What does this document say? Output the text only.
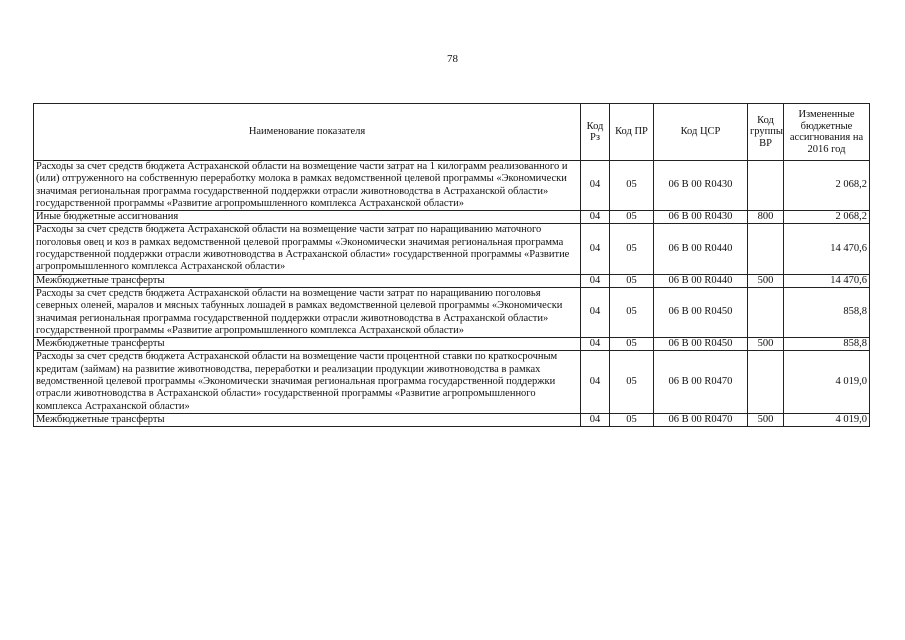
78
Наименование показателя	Код Рз	Код ПР	Код ЦСР	Код группы ВР	Измененные бюджетные ассигнования на 2016 год
Расходы за счет средств бюджета Астраханской области на возмещение части затрат на 1 килограмм реализованного и (или) отгруженного на собственную переработку молока в рамках ведомственной целевой программы «Экономически значимая региональная программа государственной поддержки отрасли животноводства в Астраханской области» государственной программы «Развитие агропромышленного комплекса Астраханской области»	04	05	06 В 00 R0430		2 068,2
Иные бюджетные ассигнования	04	05	06 В 00 R0430	800	2 068,2
Расходы за счет средств бюджета Астраханской области на возмещение части затрат по наращиванию маточного поголовья овец и коз в рамках ведомственной целевой программы «Экономически значимая региональная программа государственной поддержки отрасли животноводства в Астраханской области» государственной программы «Развитие агропромышленного комплекса Астраханской области»	04	05	06 В 00 R0440		14 470,6
Межбюджетные трансферты	04	05	06 В 00 R0440	500	14 470,6
Расходы за счет средств бюджета Астраханской области на возмещение части затрат по наращиванию поголовья северных оленей, маралов и мясных табунных лошадей в рамках ведомственной целевой программы «Экономически значимая региональная программа государственной поддержки отрасли животноводства в Астраханской области» государственной программы «Развитие агропромышленного комплекса Астраханской области»	04	05	06 В 00 R0450		858,8
Межбюджетные трансферты	04	05	06 В 00 R0450	500	858,8
Расходы за счет средств бюджета Астраханской области на возмещение части процентной ставки по краткосрочным кредитам (займам) на развитие животноводства, переработки и реализации продукции животноводства в рамках ведомственной целевой программы «Экономически значимая региональная программа государственной поддержки отрасли животноводства в Астраханской области» государственной программы «Развитие агропромышленного комплекса Астраханской области»	04	05	06 В 00 R0470		4 019,0
Межбюджетные трансферты	04	05	06 В 00 R0470	500	4 019,0
